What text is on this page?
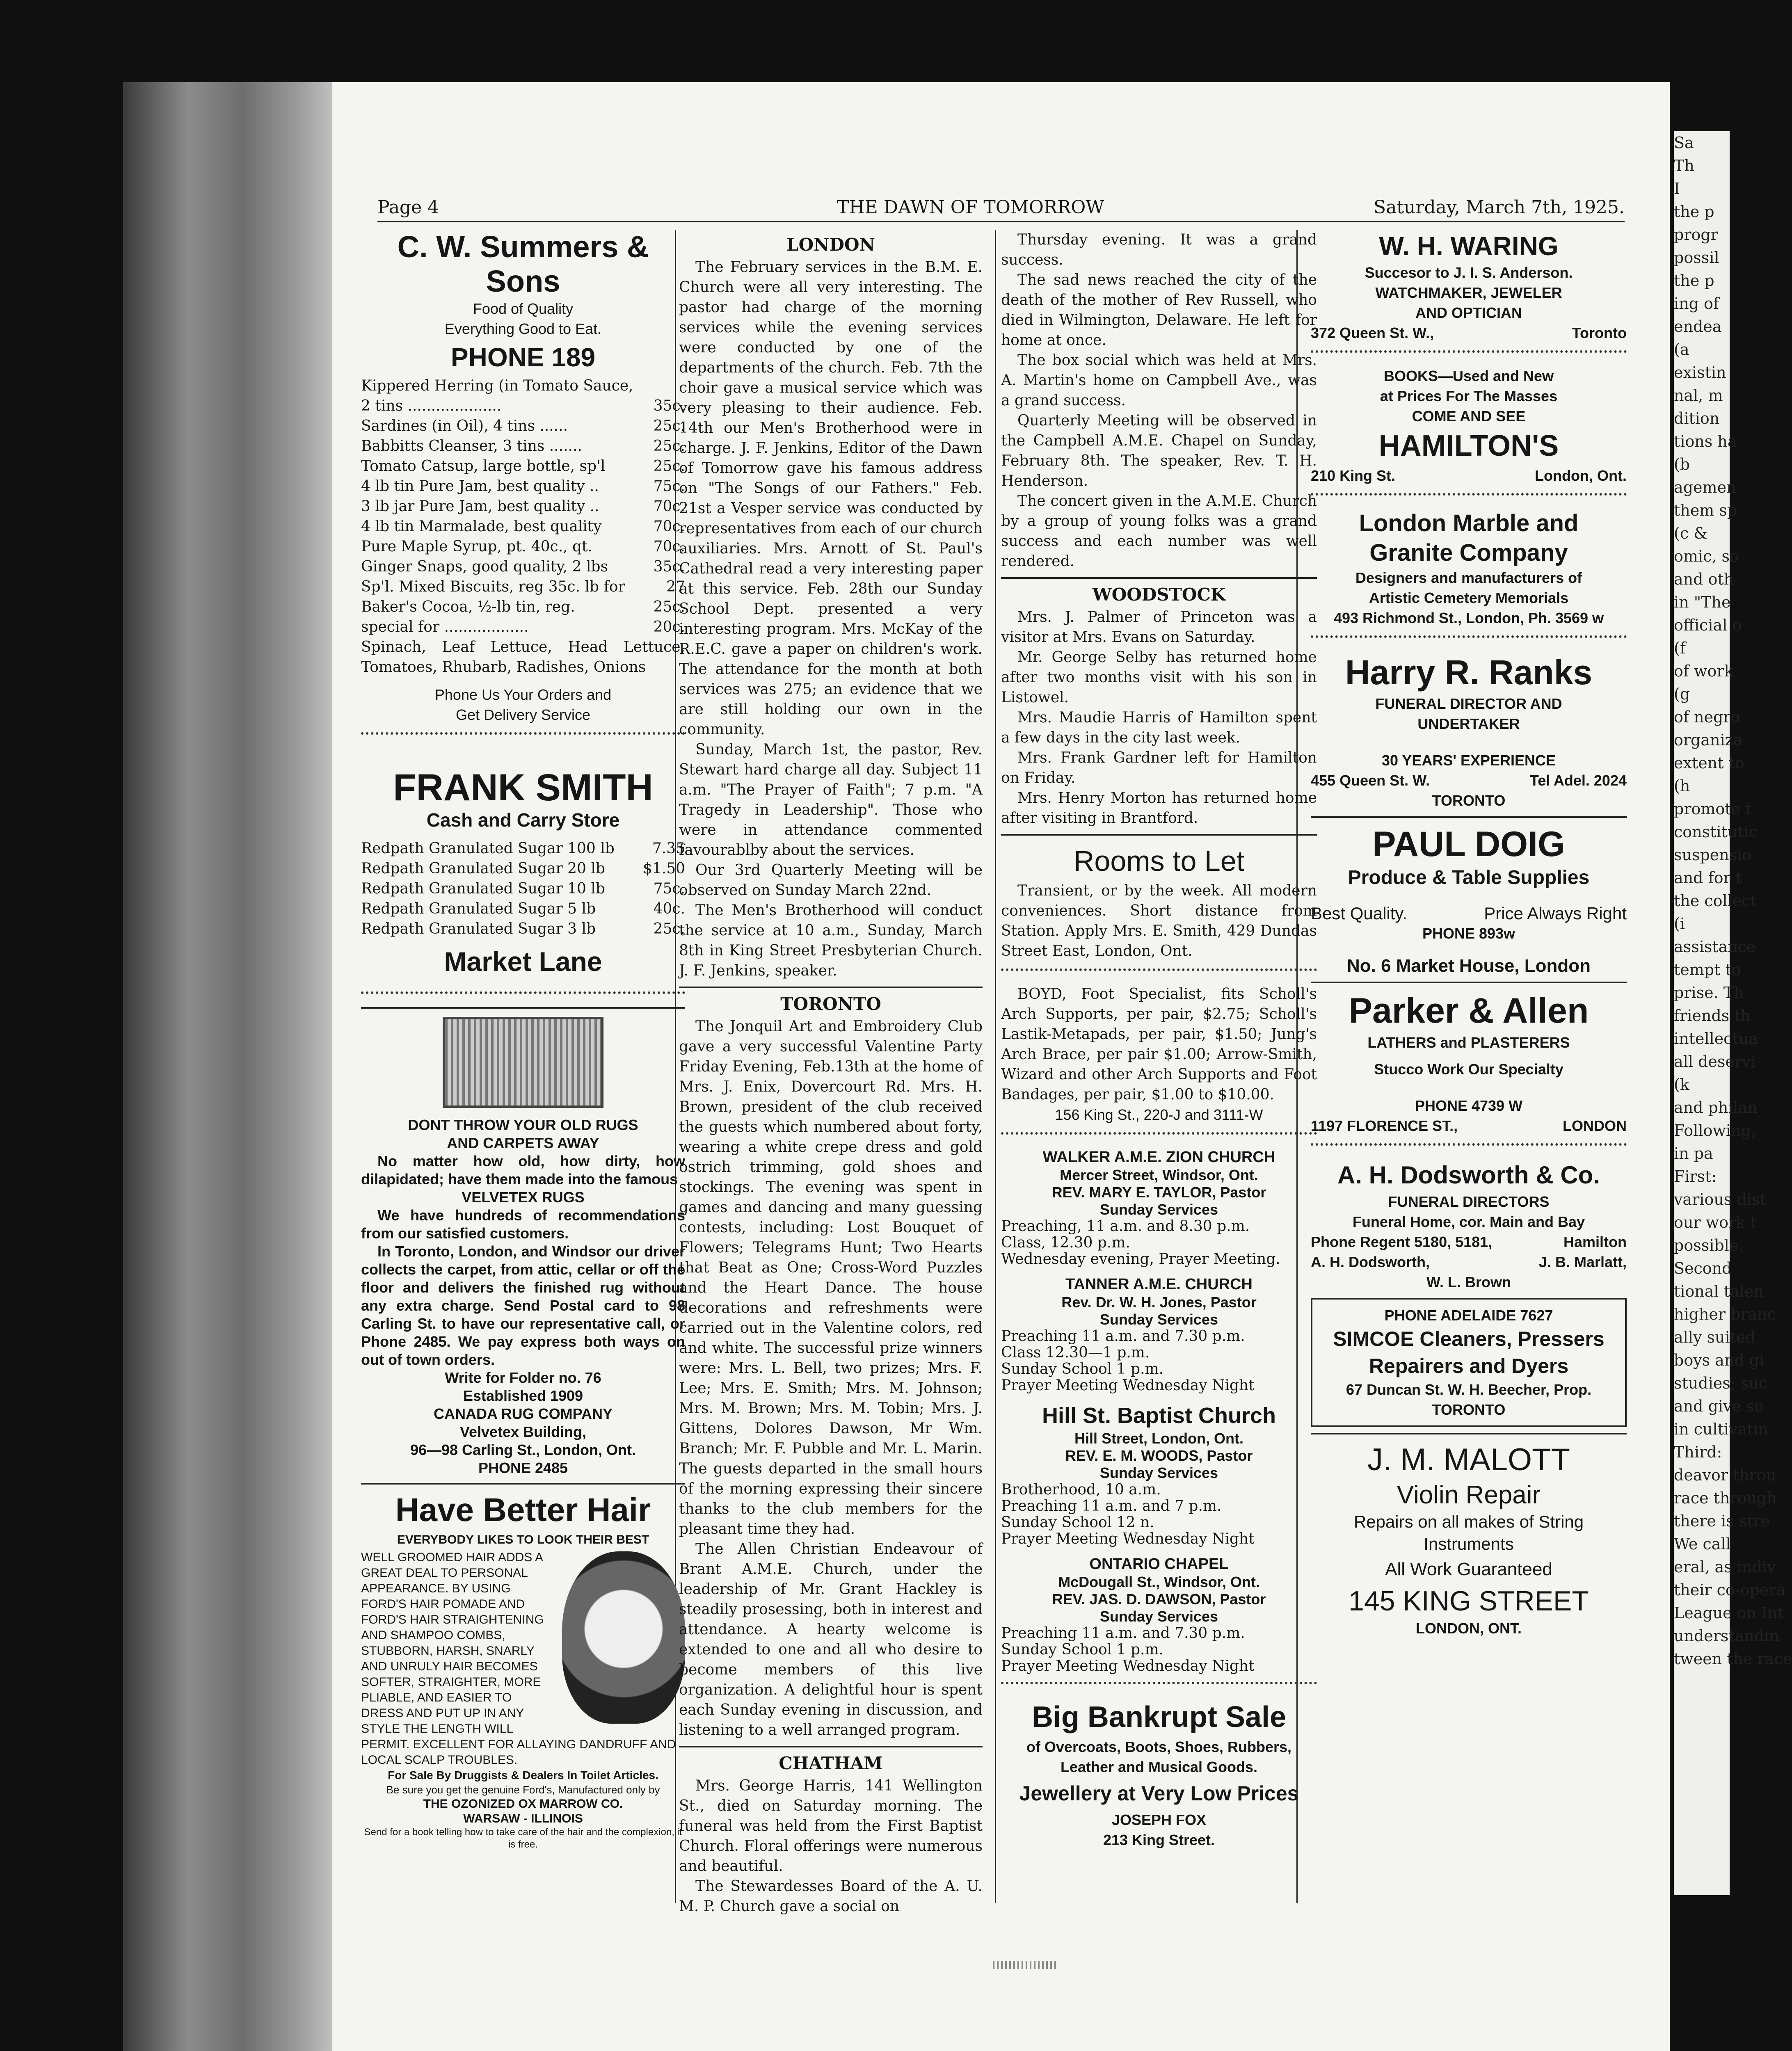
Sa
Th
I
the p
progr
possil
the p
ing of
endea
(a
existin
nal, m
dition
tions ha
(b
agemen
them sp
(c &
omic, so
and oth
in "The
official o
(f
of work
(g
of negro
organiza
extent to
(h
promote t
constitutic
suspensio
and for t
the collect
(i
assistance
tempt to
prise. Th
friends th
intellectua
all deservi
(k
and philan
Following,
in pa
First:
various dist
our work t
possible.
Second
tional talen
higher branc
ally suited
boys and gi
studies; suc
and give su
in cultivatin
Third:
deavor throu
race through
there is stre
We call
eral, as indiv
their co-opera
League on Int
understandin
tween the race
Page 4	THE DAWN OF TOMORROW	Saturday, March 7th, 1925.
C. W. Summers & Sons
Food of Quality
Everything Good to Eat.
PHONE 189
Kippered Herring (in Tomato Sauce,
2 tins ....................	35c.
Sardines (in Oil), 4 tins ......	25c.
Babbitts Cleanser, 3 tins .......	25c.
Tomato Catsup, large bottle, sp'l	25c.
4 lb tin Pure Jam, best quality ..	75c.
3 lb jar Pure Jam, best quality ..	70c.
4 lb tin Marmalade, best quality	70c.
Pure Maple Syrup, pt. 40c., qt.	70c.
Ginger Snaps, good quality, 2 lbs	35c.
Sp'l. Mixed Biscuits, reg 35c. lb for	27
Baker's Cocoa, ½-lb tin, reg.	25c.
special for ..................	20c.
Spinach, Leaf Lettuce, Head Lettuce, Tomatoes, Rhubarb, Radishes, Onions
Phone Us Your Orders and
Get Delivery Service
FRANK SMITH
Cash and Carry Store
Redpath Granulated Sugar 100 lb	7.35
Redpath Granulated Sugar 20 lb	$1.50
Redpath Granulated Sugar 10 lb	75c.
Redpath Granulated Sugar 5 lb	40c.
Redpath Granulated Sugar 3 lb	25c.
Market Lane
DONT THROW YOUR OLD RUGS
AND CARPETS AWAY

No matter how old, how dirty, how dilapidated; have them made into the famous

VELVETEX RUGS

We have hundreds of recommendations from our satisfied customers.

In Toronto, London, and Windsor our driver collects the carpet, from attic, cellar or off the floor and delivers the finished rug without any extra charge. Send Postal card to 98 Carling St. to have our representative call, or Phone 2485. We pay express both ways on out of town orders.

Write for Folder no. 76
Established 1909
CANADA RUG COMPANY
Velvetex Building,
96—98 Carling St., London, Ont.
PHONE 2485
Have Better Hair
EVERYBODY LIKES TO LOOK THEIR BEST
WELL GROOMED HAIR ADDS A GREAT DEAL TO PERSONAL APPEARANCE. BY USING FORD'S HAIR POMADE AND FORD'S HAIR STRAIGHTENING AND SHAMPOO COMBS, STUBBORN, HARSH, SNARLY AND UNRULY HAIR BECOMES SOFTER, STRAIGHTER, MORE PLIABLE, AND EASIER TO DRESS AND PUT UP IN ANY STYLE THE LENGTH WILL PERMIT. EXCELLENT FOR ALLAYING DANDRUFF AND LOCAL SCALP TROUBLES.
For Sale By Druggists & Dealers In Toilet Articles.
Be sure you get the genuine Ford's, Manufactured only by
THE OZONIZED OX MARROW CO.
WARSAW - ILLINOIS
Send for a book telling how to take care of the hair and the complexion, it is free.
LONDON

The February services in the B.M. E. Church were all very interesting. The pastor had charge of the morning services while the evening services were conducted by one of the departments of the church. Feb. 7th the choir gave a musical service which was very pleasing to their audience. Feb. 14th our Men's Brotherhood were in charge. J. F. Jenkins, Editor of the Dawn of Tomorrow gave his famous address on "The Songs of our Fathers." Feb. 21st a Vesper service was conducted by representatives from each of our church auxiliaries. Mrs. Arnott of St. Paul's Cathedral read a very interesting paper at this service. Feb. 28th our Sunday School Dept. presented a very interesting program. Mrs. McKay of the R.E.C. gave a paper on children's work. The attendance for the month at both services was 275; an evidence that we are still holding our own in the community.

Sunday, March 1st, the pastor, Rev. Stewart hard charge all day. Subject 11 a.m. "The Prayer of Faith"; 7 p.m. "A Tragedy in Leadership". Those who were in attendance commented favourablby about the services.

Our 3rd Quarterly Meeting will be observed on Sunday March 22nd.

The Men's Brotherhood will conduct the service at 10 a.m., Sunday, March 8th in King Street Presbyterian Church. J. F. Jenkins, speaker.

TORONTO

The Jonquil Art and Embroidery Club gave a very successful Valentine Party Friday Evening, Feb.13th at the home of Mrs. J. Enix, Dovercourt Rd. Mrs. H. Brown, president of the club received the guests which numbered about forty, wearing a white crepe dress and gold ostrich trimming, gold shoes and stockings. The evening was spent in games and dancing and many guessing contests, including: Lost Bouquet of Flowers; Telegrams Hunt; Two Hearts that Beat as One; Cross-Word Puzzles and the Heart Dance. The house decorations and refreshments were carried out in the Valentine colors, red and white. The successful prize winners were: Mrs. L. Bell, two prizes; Mrs. F. Lee; Mrs. E. Smith; Mrs. M. Johnson; Mrs. M. Brown; Mrs. M. Tobin; Mrs. J. Gittens, Dolores Dawson, Mr Wm. Branch; Mr. F. Pubble and Mr. L. Marin. The guests departed in the small hours of the morning expressing their sincere thanks to the club members for the pleasant time they had.

The Allen Christian Endeavour of Brant A.M.E. Church, under the leadership of Mr. Grant Hackley is steadily prosessing, both in interest and attendance. A hearty welcome is extended to one and all who desire to become members of this live organization. A delightful hour is spent each Sunday evening in discussion, and listening to a well arranged program.

CHATHAM

Mrs. George Harris, 141 Wellington St., died on Saturday morning. The funeral was held from the First Baptist Church. Floral offerings were numerous and beautiful.

The Stewardesses Board of the A. U. M. P. Church gave a social on

Thursday evening. It was a grand success.

The sad news reached the city of the death of the mother of Rev Russell, who died in Wilmington, Delaware. He left for home at once.

The box social which was held at Mrs. A. Martin's home on Campbell Ave., was a grand success.

Quarterly Meeting will be observed in the Campbell A.M.E. Chapel on Sunday, February 8th. The speaker, Rev. T. H. Henderson.

The concert given in the A.M.E. Church by a group of young folks was a grand success and each number was well rendered.

WOODSTOCK

Mrs. J. Palmer of Princeton was a visitor at Mrs. Evans on Saturday.

Mr. George Selby has returned home after two months visit with his son in Listowel.

Mrs. Maudie Harris of Hamilton spent a few days in the city last week.

Mrs. Frank Gardner left for Hamilton on Friday.

Mrs. Henry Morton has returned home after visiting in Brantford.

Rooms to Let

Transient, or by the week. All modern conveniences. Short distance from Station. Apply Mrs. E. Smith, 429 Dundas Street East, London, Ont.

BOYD, Foot Specialist, fits Scholl's Arch Supports, per pair, $2.75; Scholl's Lastik-Metapads, per pair, $1.50; Jung's Arch Brace, per pair $1.00; Arrow-Smith, Wizard and other Arch Supports and Foot Bandages, per pair, $1.00 to $10.00.

156 King St., 220-J and 3111-W
WALKER A.M.E. ZION CHURCH
Mercer Street, Windsor, Ont.
REV. MARY E. TAYLOR, Pastor
Sunday Services
Preaching, 11 a.m. and 8.30 p.m.
Class, 12.30 p.m.
Wednesday evening, Prayer Meeting.
TANNER A.M.E. CHURCH
Rev. Dr. W. H. Jones, Pastor
Sunday Services
Preaching 11 a.m. and 7.30 p.m.
Class 12.30—1 p.m.
Sunday School 1 p.m.
Prayer Meeting Wednesday Night
Hill St. Baptist Church
Hill Street, London, Ont.
REV. E. M. WOODS, Pastor
Sunday Services
Brotherhood, 10 a.m.
Preaching 11 a.m. and 7 p.m.
Sunday School 12 n.
Prayer Meeting Wednesday Night
ONTARIO CHAPEL
McDougall St., Windsor, Ont.
REV. JAS. D. DAWSON, Pastor
Sunday Services
Preaching 11 a.m. and 7.30 p.m.
Sunday School 1 p.m.
Prayer Meeting Wednesday Night
Big Bankrupt Sale
of Overcoats, Boots, Shoes, Rubbers,
Leather and Musical Goods.
Jewellery at Very Low Prices
JOSEPH FOX
213 King Street.
W. H. WARING
Succesor to J. I. S. Anderson.
WATCHMAKER, JEWELER
AND OPTICIAN
372 Queen St. W.,	Toronto
BOOKS—Used and New
at Prices For The Masses
COME AND SEE
HAMILTON'S
210 King St.	London, Ont.
London Marble and
Granite Company
Designers and manufacturers of
Artistic Cemetery Memorials
493 Richmond St., London, Ph. 3569 w
Harry R. Ranks
FUNERAL DIRECTOR AND
UNDERTAKER
30 YEARS' EXPERIENCE
455 Queen St. W.	Tel Adel. 2024
TORONTO
PAUL DOIG
Produce & Table Supplies
Best Quality.	Price Always Right
PHONE 893w
No. 6 Market House, London
Parker & Allen
LATHERS and PLASTERERS
Stucco Work Our Specialty
PHONE 4739 W
1197 FLORENCE ST.,	LONDON
A. H. Dodsworth & Co.
FUNERAL DIRECTORS
Funeral Home, cor. Main and Bay
Phone Regent 5180, 5181,	Hamilton
A. H. Dodsworth,	J. B. Marlatt,
W. L. Brown
PHONE ADELAIDE 7627
SIMCOE Cleaners, Pressers
Repairers and Dyers
67 Duncan St. W. H. Beecher, Prop.
TORONTO
J. M. MALOTT
Violin Repair
Repairs on all makes of String
Instruments
All Work Guaranteed
145 KING STREET
LONDON, ONT.
